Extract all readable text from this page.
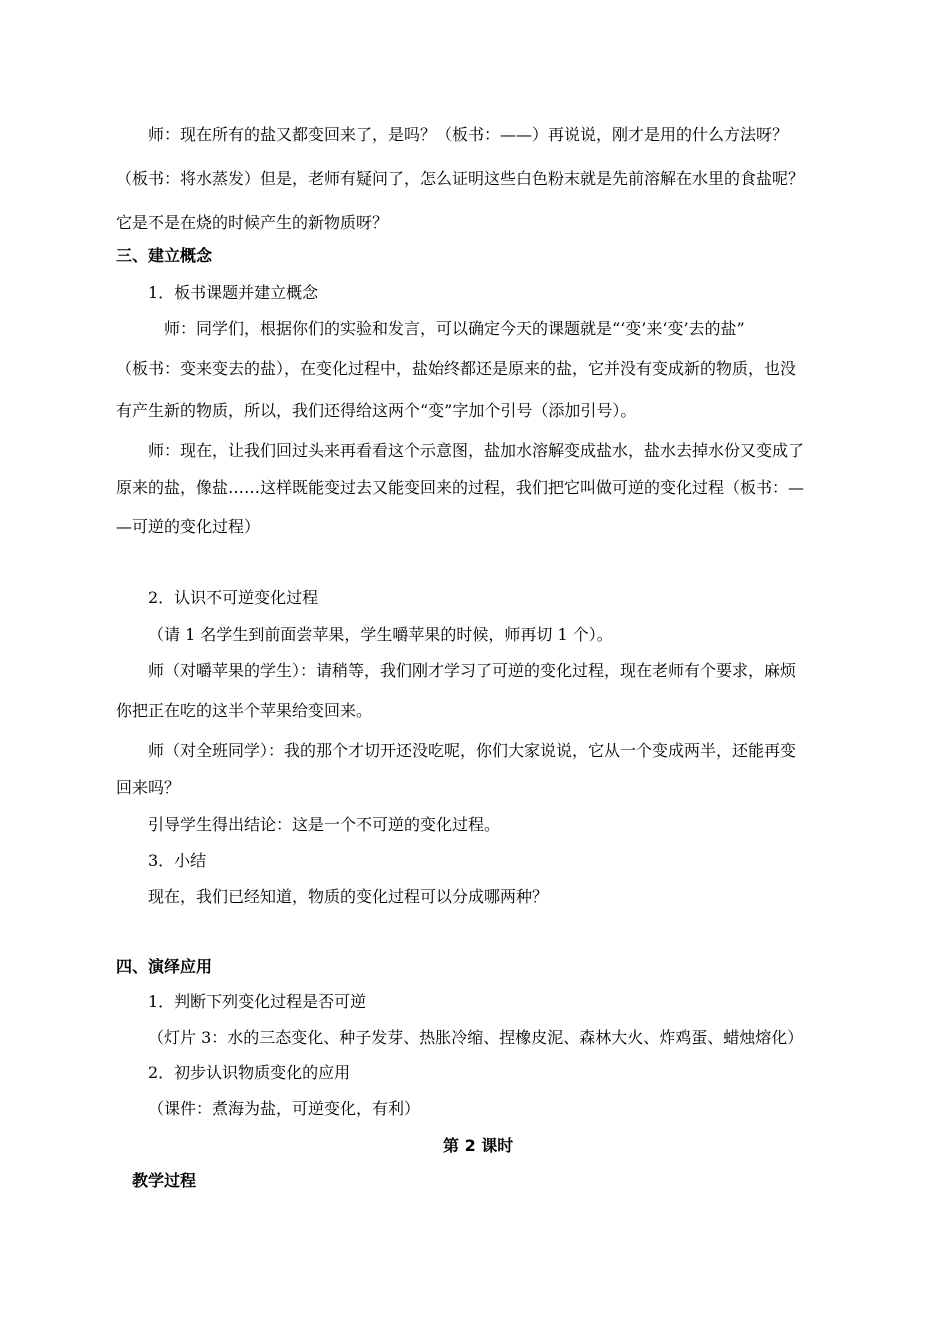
师：现在所有的盐又都变回来了，是吗？（板书：——）再说说，刚才是用的什么方法呀？
（板书：将水蒸发）但是，老师有疑问了，怎么证明这些白色粉末就是先前溶解在水里的食盐呢？
它是不是在烧的时候产生的新物质呀？
三、建立概念
1．板书课题并建立概念
师：同学们，根据你们的实验和发言，可以确定今天的课题就是“‘变’来‘变’去的盐”
（板书：变来变去的盐），在变化过程中，盐始终都还是原来的盐，它并没有变成新的物质，也没
有产生新的物质，所以，我们还得给这两个“变”字加个引号（添加引号）。
师：现在，让我们回过头来再看看这个示意图，盐加水溶解变成盐水，盐水去掉水份又变成了
原来的盐，像盐……这样既能变过去又能变回来的过程，我们把它叫做可逆的变化过程（板书：—
—可逆的变化过程）
2．认识不可逆变化过程
（请 1 名学生到前面尝苹果，学生嚼苹果的时候，师再切 1 个）。
师（对嚼苹果的学生）：请稍等，我们刚才学习了可逆的变化过程，现在老师有个要求，麻烦
你把正在吃的这半个苹果给变回来。
师（对全班同学）：我的那个才切开还没吃呢，你们大家说说，它从一个变成两半，还能再变
回来吗？
引导学生得出结论：这是一个不可逆的变化过程。
3．小结
现在，我们已经知道，物质的变化过程可以分成哪两种？
四、演绎应用
1．判断下列变化过程是否可逆
（灯片 3：水的三态变化、种子发芽、热胀冷缩、捏橡皮泥、森林大火、炸鸡蛋、蜡烛熔化）
2．初步认识物质变化的应用
（课件：煮海为盐，可逆变化，有利）
第 2 课时
教学过程
